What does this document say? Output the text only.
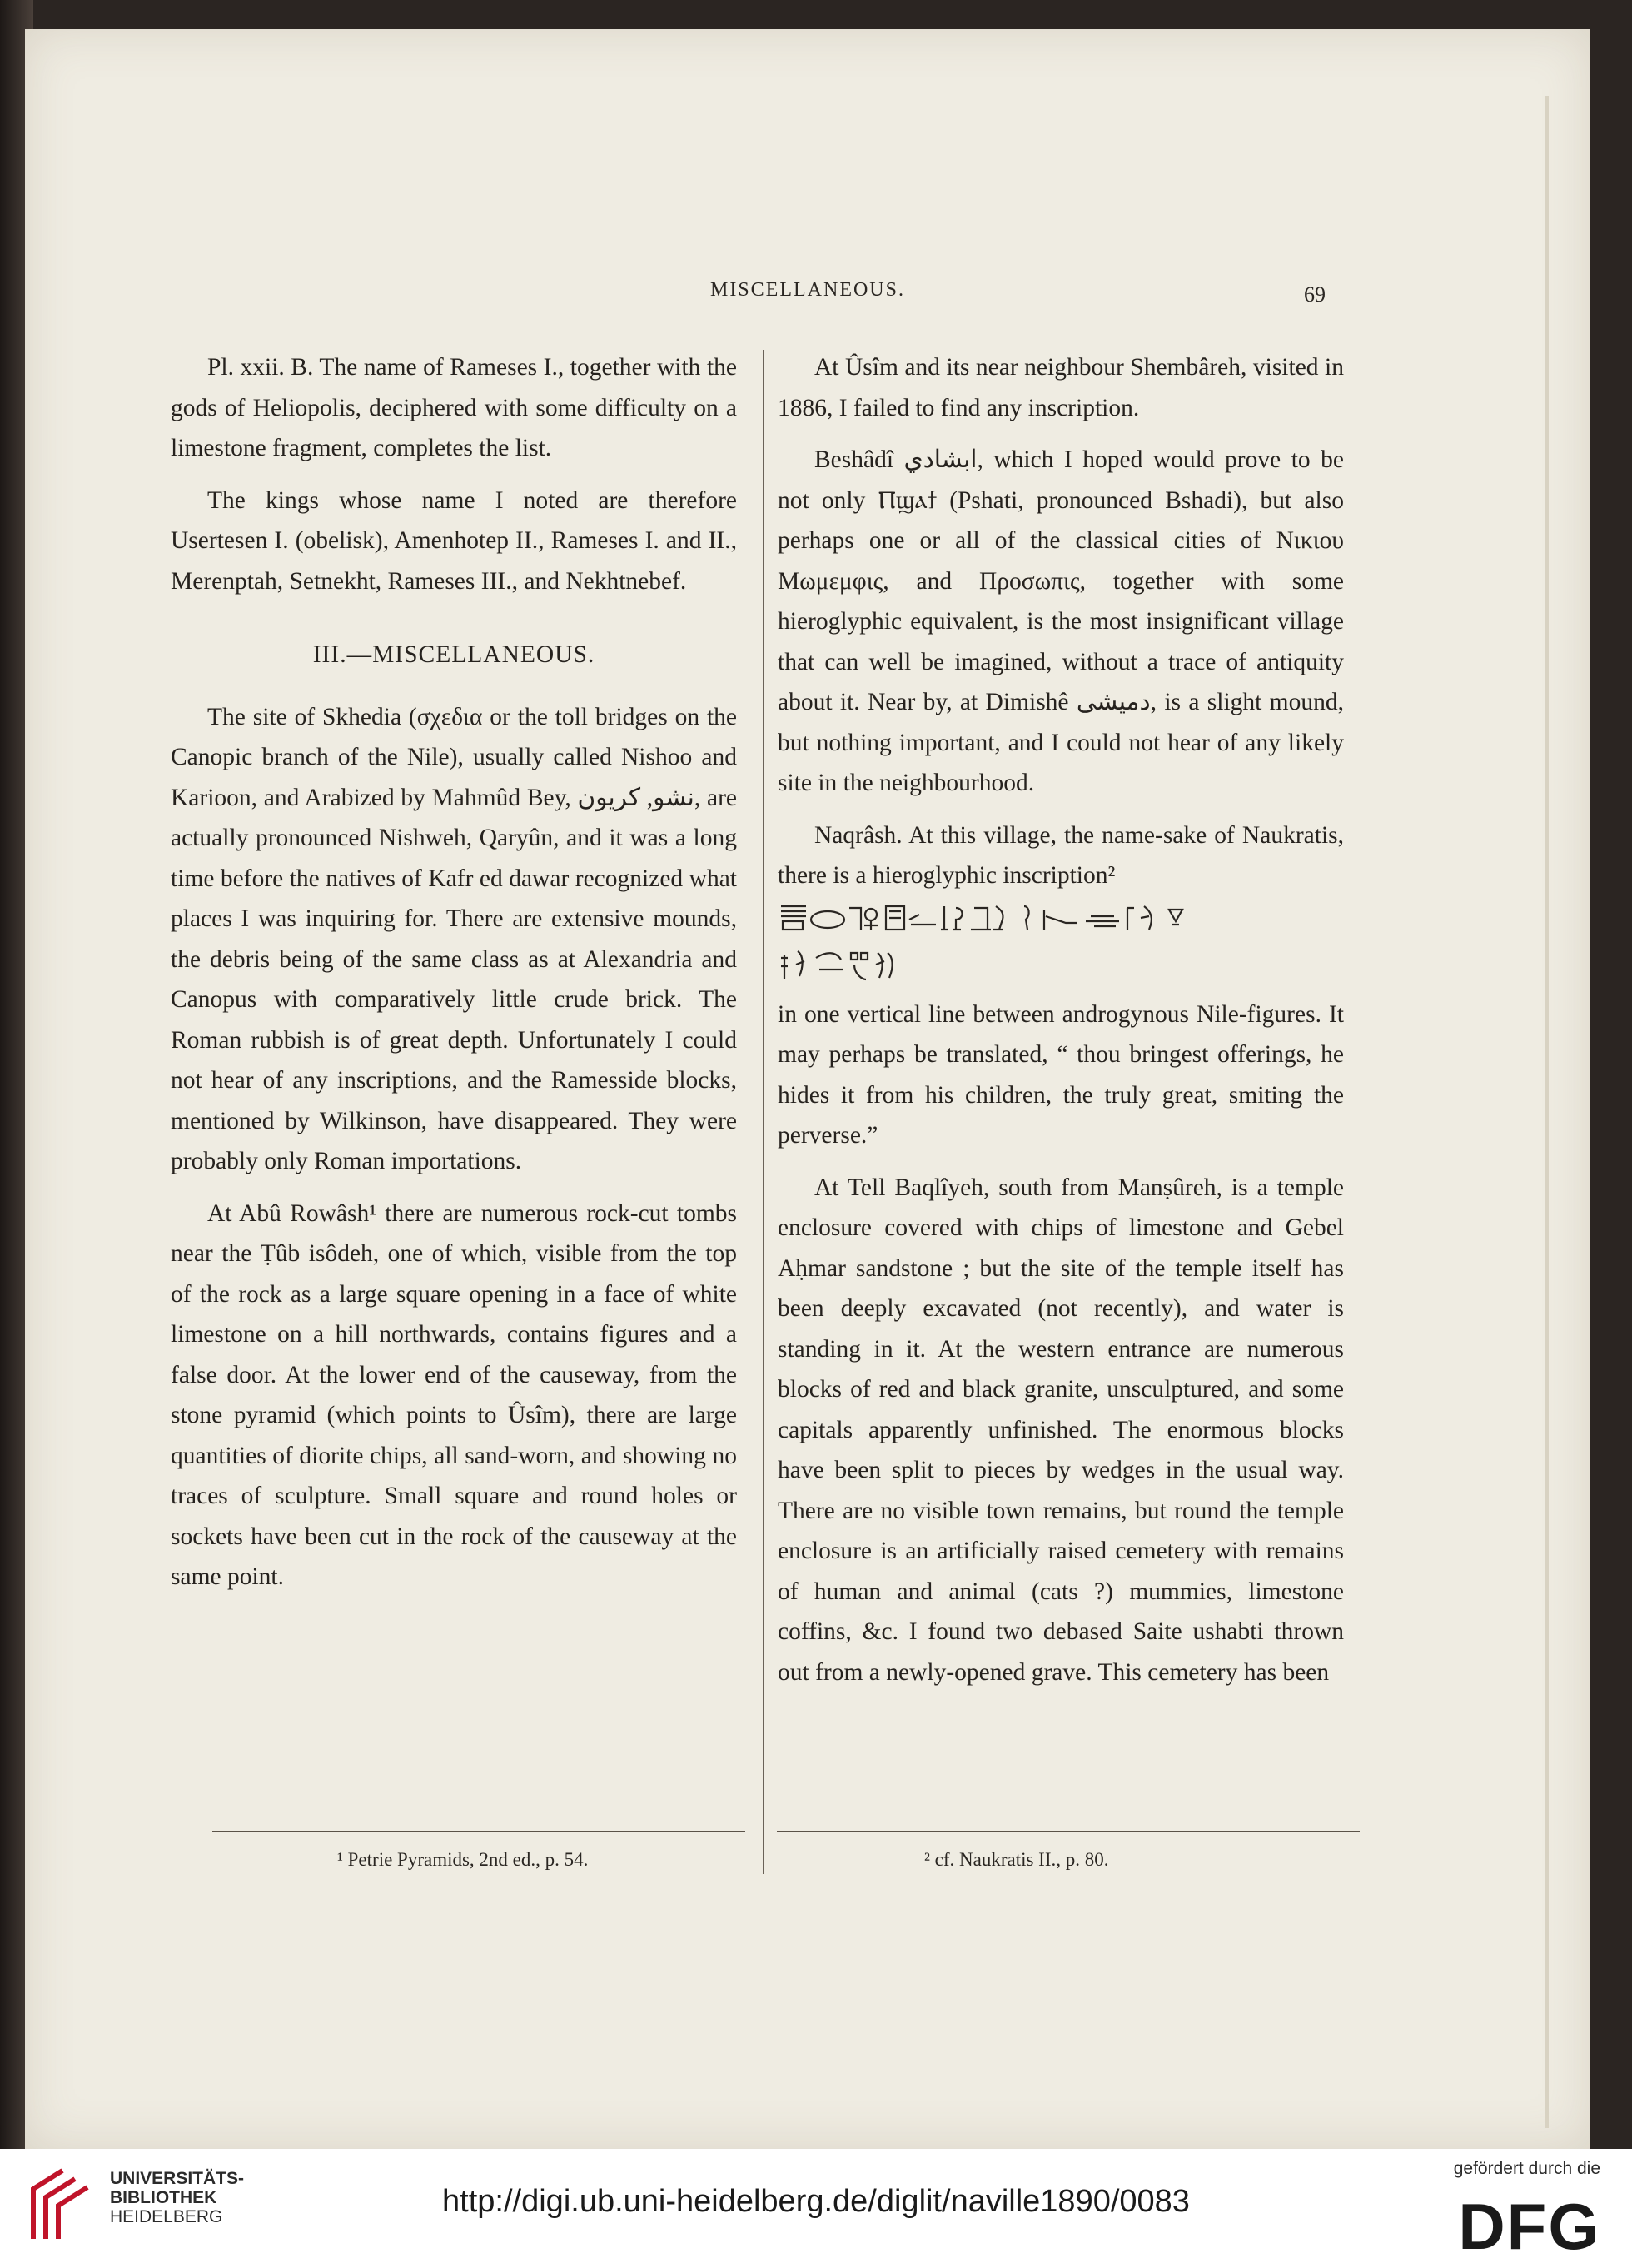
MISCELLANEOUS.	69

Pl. xxii. B. The name of Rameses I., together with the gods of Heliopolis, deciphered with some difficulty on a limestone fragment, completes the list.

The kings whose name I noted are therefore Usertesen I. (obelisk), Amenhotep II., Rameses I. and II., Merenptah, Setnekht, Rameses III., and Nekhtnebef.

III.—MISCELLANEOUS.

The site of Skhedia (σχεδια or the toll bridges on the Canopic branch of the Nile), usually called Nishoo and Karioon, and Arabized by Mahmûd Bey, نشو, كريون, are actually pronounced Nishweh, Qaryûn, and it was a long time before the natives of Kafr ed dawar recognized what places I was inquiring for. There are extensive mounds, the debris being of the same class as at Alexandria and Canopus with comparatively little crude brick. The Roman rubbish is of great depth. Unfortunately I could not hear of any inscriptions, and the Ramesside blocks, mentioned by Wilkinson, have disappeared. They were probably only Roman importations.

At Abû Rowâsh¹ there are numerous rock-cut tombs near the Ṭûb isôdeh, one of which, visible from the top of the rock as a large square opening in a face of white limestone on a hill northwards, contains figures and a false door. At the lower end of the causeway, from the stone pyramid (which points to Ûsîm), there are large quantities of diorite chips, all sand-worn, and showing no traces of sculpture. Small square and round holes or sockets have been cut in the rock of the causeway at the same point.

At Ûsîm and its near neighbour Shembâreh, visited in 1886, I failed to find any inscription.

Beshâdî ابشادي, which I hoped would prove to be not only Ⲡϣⲁϯ (Pshati, pronounced Bshadi), but also perhaps one or all of the classical cities of Νικιου Μωμεμφις, and Προσωπις, together with some hieroglyphic equivalent, is the most insignificant village that can well be imagined, without a trace of antiquity about it. Near by, at Dimishê دميشى, is a slight mound, but nothing important, and I could not hear of any likely site in the neighbourhood.

Naqrâsh. At this village, the name-sake of Naukratis, there is a hieroglyphic inscription²

in one vertical line between androgynous Nile-figures. It may perhaps be translated, “ thou bringest offerings, he hides it from his children, the truly great, smiting the perverse.”

At Tell Baqlîyeh, south from Manṣûreh, is a temple enclosure covered with chips of limestone and Gebel Aḥmar sandstone ; but the site of the temple itself has been deeply excavated (not recently), and water is standing in it. At the western entrance are numerous blocks of red and black granite, unsculptured, and some capitals apparently unfinished. The enormous blocks have been split to pieces by wedges in the usual way. There are no visible town remains, but round the temple enclosure is an artificially raised cemetery with remains of human and animal (cats ?) mummies, limestone coffins, &c. I found two debased Saite ushabti thrown out from a newly-opened grave. This cemetery has been

¹ Petrie Pyramids, 2nd ed., p. 54.	² cf. Naukratis II., p. 80.
UNIVERSITÄTS-
BIBLIOTHEK
HEIDELBERG	http://digi.ub.uni-heidelberg.de/diglit/naville1890/0083
gefördert durch die
DFG
